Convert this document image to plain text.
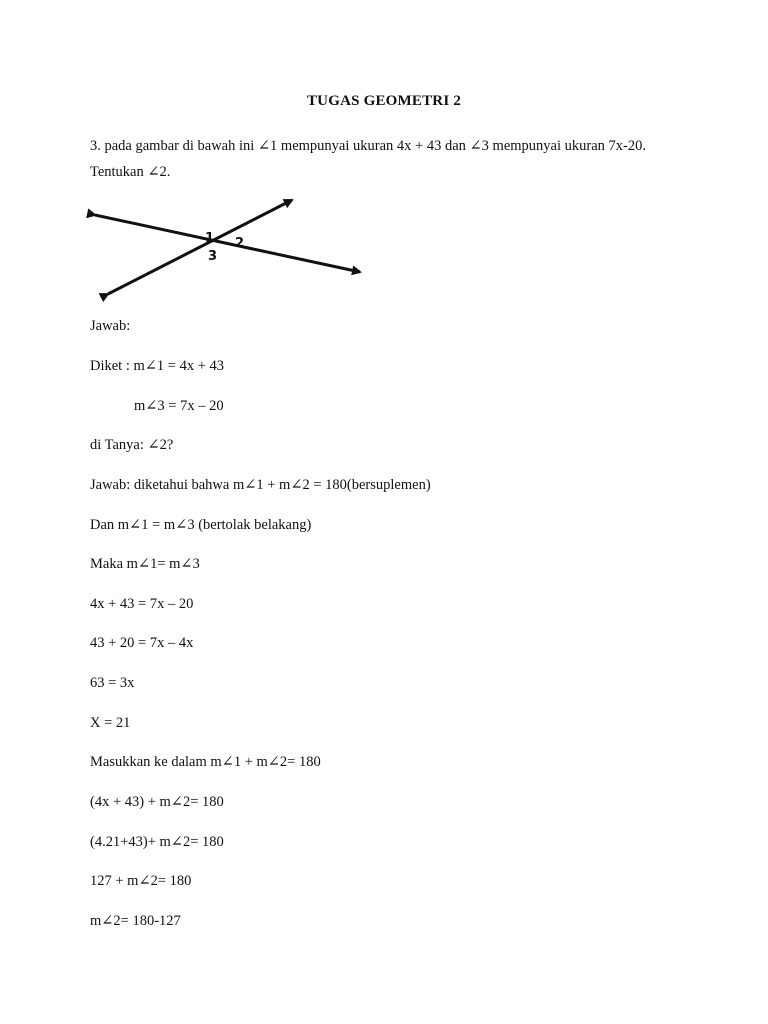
TUGAS GEOMETRI 2
3. pada gambar di bawah ini ∠1 mempunyai ukuran 4x + 43 dan ∠3 mempunyai ukuran 7x-20.
Tentukan ∠2.
1 2
3
Jawab:
Diket : m∠1 = 4x + 43
m∠3 = 7x – 20
di Tanya: ∠2?
Jawab: diketahui bahwa m∠1 + m∠2 = 180(bersuplemen)
Dan m∠1 = m∠3 (bertolak belakang)
Maka m∠1= m∠3
4x + 43 = 7x – 20
43 + 20 = 7x – 4x
63 = 3x
X = 21
Masukkan ke dalam m∠1 + m∠2= 180
(4x + 43) + m∠2= 180
(4.21+43)+ m∠2= 180
127 + m∠2= 180
m∠2= 180-127
